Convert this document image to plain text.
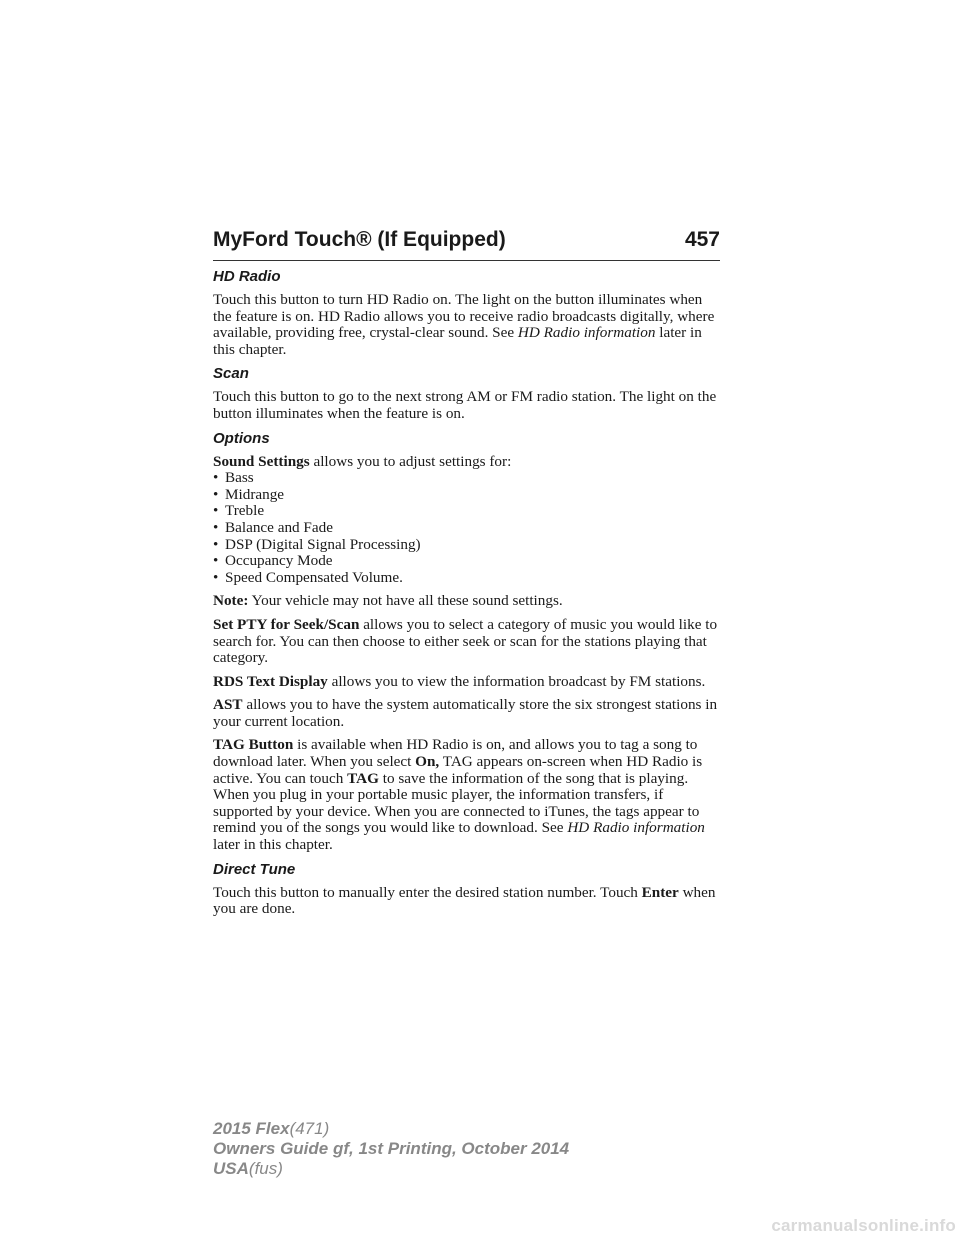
MyFord Touch® (If Equipped)	457
HD Radio

Touch this button to turn HD Radio on. The light on the button illuminates when the feature is on. HD Radio allows you to receive radio broadcasts digitally, where available, providing free, crystal-clear sound. See HD Radio information later in this chapter.

Scan

Touch this button to go to the next strong AM or FM radio station. The light on the button illuminates when the feature is on.

Options

Sound Settings allows you to adjust settings for:

• Bass
• Midrange
• Treble
• Balance and Fade
• DSP (Digital Signal Processing)
• Occupancy Mode
• Speed Compensated Volume.

Note: Your vehicle may not have all these sound settings.

Set PTY for Seek/Scan allows you to select a category of music you would like to search for. You can then choose to either seek or scan for the stations playing that category.

RDS Text Display allows you to view the information broadcast by FM stations.

AST allows you to have the system automatically store the six strongest stations in your current location.

TAG Button is available when HD Radio is on, and allows you to tag a song to download later. When you select On, TAG appears on-screen when HD Radio is active. You can touch TAG to save the information of the song that is playing. When you plug in your portable music player, the information transfers, if supported by your device. When you are connected to iTunes, the tags appear to remind you of the songs you would like to download. See HD Radio information later in this chapter.

Direct Tune

Touch this button to manually enter the desired station number. Touch Enter when you are done.

2015 Flex(471)
Owners Guide gf, 1st Printing, October 2014
USA(fus)
carmanualsonline.info
